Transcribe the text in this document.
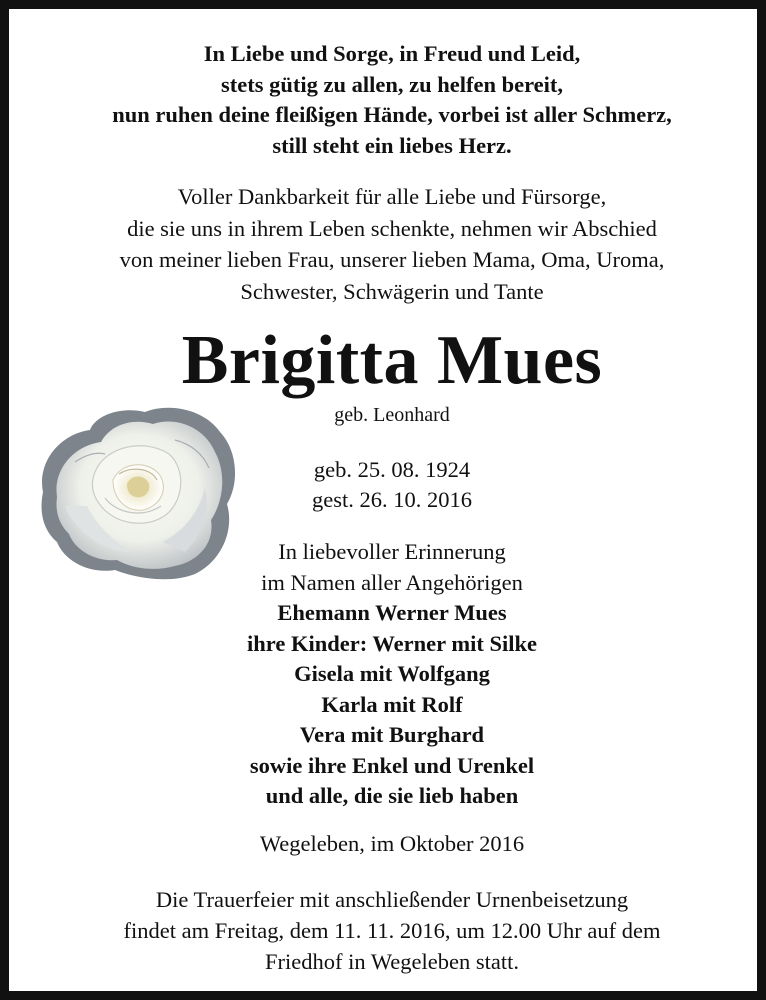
In Liebe und Sorge, in Freud und Leid,
stets gütig zu allen, zu helfen bereit,
nun ruhen deine fleißigen Hände, vorbei ist aller Schmerz,
still steht ein liebes Herz.
Voller Dankbarkeit für alle Liebe und Fürsorge,
die sie uns in ihrem Leben schenkte, nehmen wir Abschied
von meiner lieben Frau, unserer lieben Mama, Oma, Uroma,
Schwester, Schwägerin und Tante
Brigitta Mues
geb. Leonhard
geb. 25. 08. 1924
gest. 26. 10. 2016
In liebevoller Erinnerung
im Namen aller Angehörigen
Ehemann Werner Mues
ihre Kinder: Werner mit Silke
Gisela mit Wolfgang
Karla mit Rolf
Vera mit Burghard
sowie ihre Enkel und Urenkel
und alle, die sie lieb haben
Wegeleben, im Oktober 2016
Die Trauerfeier mit anschließender Urnenbeisetzung
findet am Freitag, dem 11. 11. 2016, um 12.00 Uhr auf dem
Friedhof in Wegeleben statt.
